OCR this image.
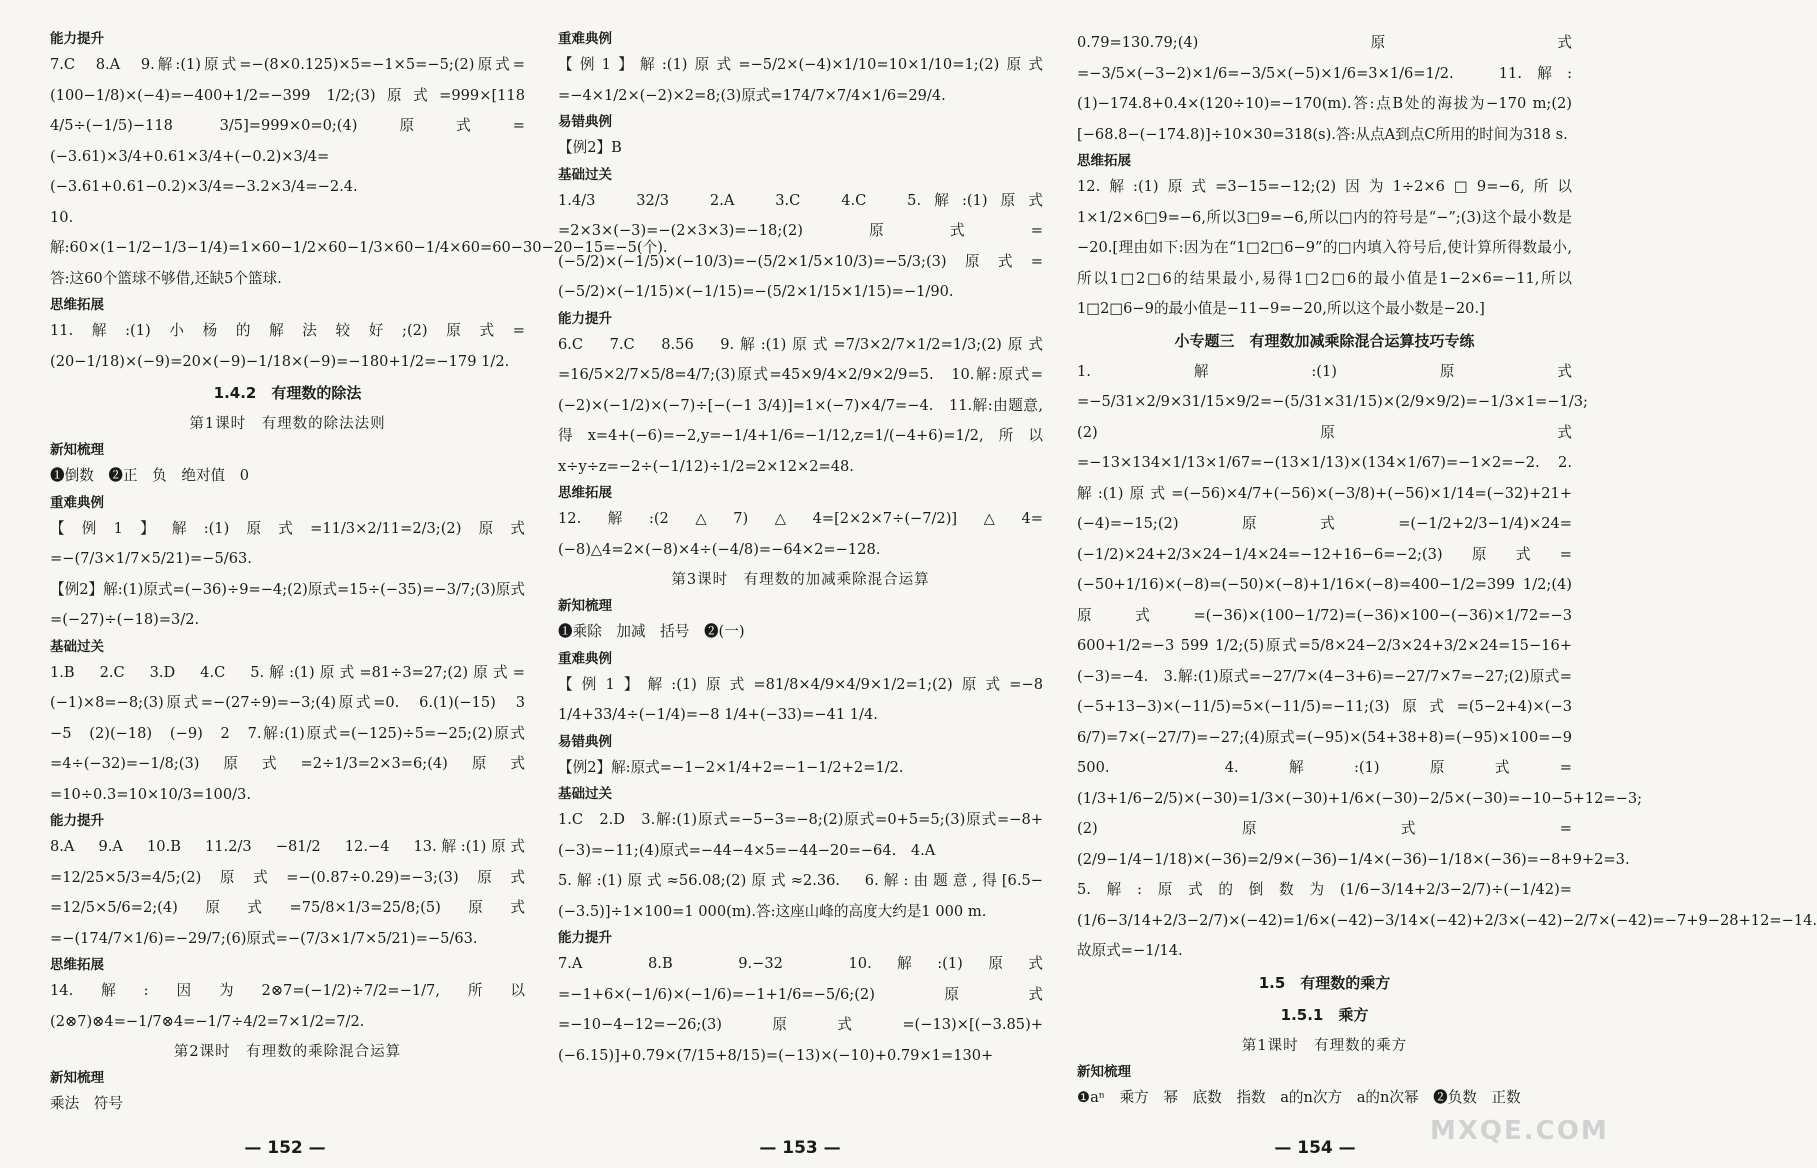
能力提升

7.C　8.A　9.解:(1)原式=−(8×0.125)×5=−1×5=−5;(2)原式=(100−1/8)×(−4)=−400+1/2=−399 1/2;(3)原式=999×[118 4/5÷(−1/5)−118 3/5]=999×0=0;(4)原式=(−3.61)×3/4+0.61×3/4+(−0.2)×3/4=(−3.61+0.61−0.2)×3/4=−3.2×3/4=−2.4.

10.解:60×(1−1/2−1/3−1/4)=1×60−1/2×60−1/3×60−1/4×60=60−30−20−15=−5(个).答:这60个篮球不够借,还缺5个篮球.

思维拓展

11.解:(1)小杨的解法较好;(2)原式=(20−1/18)×(−9)=20×(−9)−1/18×(−9)=−180+1/2=−179 1/2.

1.4.2　有理数的除法

第1课时　有理数的除法法则

新知梳理

❶倒数　❷正　负　绝对值　0

重难典例

【例1】解:(1)原式=11/3×2/11=2/3;(2)原式=−(7/3×1/7×5/21)=−5/63.

【例2】解:(1)原式=(−36)÷9=−4;(2)原式=15÷(−35)=−3/7;(3)原式=(−27)÷(−18)=3/2.

基础过关

1.B　2.C　3.D　4.C　5.解:(1)原式=81÷3=27;(2)原式=(−1)×8=−8;(3)原式=−(27÷9)=−3;(4)原式=0.　6.(1)(−15)　3　−5　(2)(−18)　(−9)　2　7.解:(1)原式=(−125)÷5=−25;(2)原式=4÷(−32)=−1/8;(3)原式=2÷1/3=2×3=6;(4)原式=10÷0.3=10×10/3=100/3.

能力提升

8.A　9.A　10.B　11.2/3　−81/2　12.−4　13.解:(1)原式=12/25×5/3=4/5;(2)原式=−(0.87÷0.29)=−3;(3)原式=12/5×5/6=2;(4)原式=75/8×1/3=25/8;(5)原式=−(174/7×1/6)=−29/7;(6)原式=−(7/3×1/7×5/21)=−5/63.

思维拓展

14.解:因为2⊗7=(−1/2)÷7/2=−1/7,所以(2⊗7)⊗4=−1/7⊗4=−1/7÷4/2=7×1/2=7/2.

第2课时　有理数的乘除混合运算

新知梳理

乘法　符号

重难典例

【例1】解:(1)原式=−5/2×(−4)×1/10=10×1/10=1;(2)原式=−4×1/2×(−2)×2=8;(3)原式=174/7×7/4×1/6=29/4.

易错典例

【例2】B

基础过关

1.4/3　32/3　2.A　3.C　4.C　5.解:(1)原式=2×3×(−3)=−(2×3×3)=−18;(2)原式=(−5/2)×(−1/5)×(−10/3)=−(5/2×1/5×10/3)=−5/3;(3)原式=(−5/2)×(−1/15)×(−1/15)=−(5/2×1/15×1/15)=−1/90.

能力提升

6.C　7.C　8.56　9.解:(1)原式=7/3×2/7×1/2=1/3;(2)原式=16/5×2/7×5/8=4/7;(3)原式=45×9/4×2/9×2/9=5.　10.解:原式=(−2)×(−1/2)×(−7)÷[−(−1 3/4)]=1×(−7)×4/7=−4.　11.解:由题意,得x=4+(−6)=−2,y=−1/4+1/6=−1/12,z=1/(−4+6)=1/2,所以x÷y÷z=−2÷(−1/12)÷1/2=2×12×2=48.

思维拓展

12.解:(2△7)△4=[2×2×7÷(−7/2)]△4=(−8)△4=2×(−8)×4÷(−4/8)=−64×2=−128.

第3课时　有理数的加减乘除混合运算

新知梳理

❶乘除　加减　括号　❷(一)

重难典例

【例1】解:(1)原式=81/8×4/9×4/9×1/2=1;(2)原式=−8 1/4+33/4÷(−1/4)=−8 1/4+(−33)=−41 1/4.

易错典例

【例2】解:原式=−1−2×1/4+2=−1−1/2+2=1/2.

基础过关

1.C　2.D　3.解:(1)原式=−5−3=−8;(2)原式=0+5=5;(3)原式=−8+(−3)=−11;(4)原式=−44−4×5=−44−20=−64.　4.A

5.解:(1)原式≈56.08;(2)原式≈2.36.　6.解:由题意,得[6.5−(−3.5)]÷1×100=1 000(m).答:这座山峰的高度大约是1 000 m.

能力提升

7.A　8.B　9.−32　10.解:(1)原式=−1+6×(−1/6)×(−1/6)=−1+1/6=−5/6;(2)原式=−10−4−12=−26;(3)原式=(−13)×[(−3.85)+(−6.15)]+0.79×(7/15+8/15)=(−13)×(−10)+0.79×1=130+

0.79=130.79;(4)原式=−3/5×(−3−2)×1/6=−3/5×(−5)×1/6=3×1/6=1/2.　11.解:(1)−174.8+0.4×(120÷10)=−170(m).答:点B处的海拔为−170 m;(2)[−68.8−(−174.8)]÷10×30=318(s).答:从点A到点C所用的时间为318 s.

思维拓展

12.解:(1)原式=3−15=−12;(2)因为1÷2×6□9=−6,所以1×1/2×6□9=−6,所以3□9=−6,所以□内的符号是“−”;(3)这个最小数是−20.[理由如下:因为在“1□2□6−9”的□内填入符号后,使计算所得数最小,所以1□2□6的结果最小,易得1□2□6的最小值是1−2×6=−11,所以1□2□6−9的最小值是−11−9=−20,所以这个最小数是−20.]

小专题三　有理数加减乘除混合运算技巧专练

1.解:(1)原式=−5/31×2/9×31/15×9/2=−(5/31×31/15)×(2/9×9/2)=−1/3×1=−1/3;(2)原式=−13×134×1/13×1/67=−(13×1/13)×(134×1/67)=−1×2=−2.　2.解:(1)原式=(−56)×4/7+(−56)×(−3/8)+(−56)×1/14=(−32)+21+(−4)=−15;(2)原式=(−1/2+2/3−1/4)×24=(−1/2)×24+2/3×24−1/4×24=−12+16−6=−2;(3)原式=(−50+1/16)×(−8)=(−50)×(−8)+1/16×(−8)=400−1/2=399 1/2;(4)原式=(−36)×(100−1/72)=(−36)×100−(−36)×1/72=−3 600+1/2=−3 599 1/2;(5)原式=5/8×24−2/3×24+3/2×24=15−16+(−3)=−4.　3.解:(1)原式=−27/7×(4−3+6)=−27/7×7=−27;(2)原式=(−5+13−3)×(−11/5)=5×(−11/5)=−11;(3)原式=(5−2+4)×(−3 6/7)=7×(−27/7)=−27;(4)原式=(−95)×(54+38+8)=(−95)×100=−9 500.　4.解:(1)原式=(1/3+1/6−2/5)×(−30)=1/3×(−30)+1/6×(−30)−2/5×(−30)=−10−5+12=−3;(2)原式=(2/9−1/4−1/18)×(−36)=2/9×(−36)−1/4×(−36)−1/18×(−36)=−8+9+2=3.　5.解:原式的倒数为(1/6−3/14+2/3−2/7)÷(−1/42)=(1/6−3/14+2/3−2/7)×(−42)=1/6×(−42)−3/14×(−42)+2/3×(−42)−2/7×(−42)=−7+9−28+12=−14.故原式=−1/14.

1.5　有理数的乘方

1.5.1　乘方

第1课时　有理数的乘方

新知梳理

❶aⁿ　乘方　幂　底数　指数　a的n次方　a的n次幂　❷负数　正数

— 152 —	— 153 —	— 154 —
MXQE.COM
